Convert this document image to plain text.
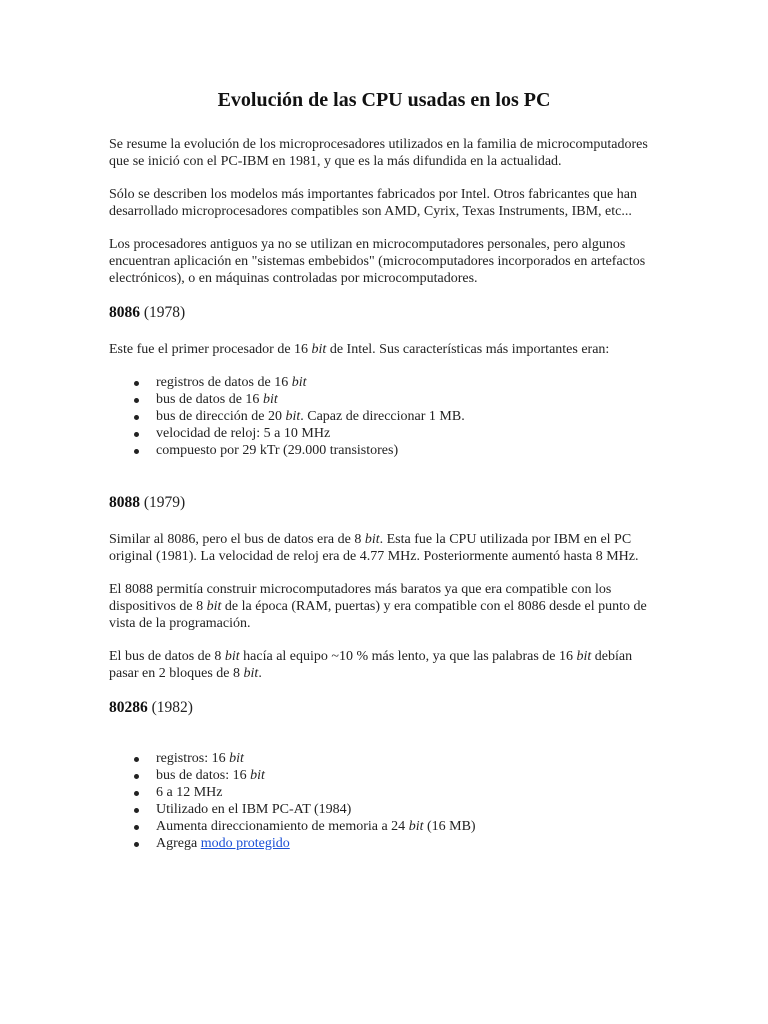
Evolución de las CPU usadas en los PC

Se resume la evolución de los microprocesadores utilizados en la familia de microcomputadores que se inició con el PC-IBM en 1981, y que es la más difundida en la actualidad.

Sólo se describen los modelos más importantes fabricados por Intel. Otros fabricantes que han desarrollado microprocesadores compatibles son AMD, Cyrix, Texas Instruments, IBM, etc...

Los procesadores antiguos ya no se utilizan en microcomputadores personales, pero algunos encuentran aplicación en "sistemas embebidos" (microcomputadores incorporados en artefactos electrónicos), o en máquinas controladas por microcomputadores.

8086 (1978)

Este fue el primer procesador de 16 bit de Intel. Sus características más importantes eran:

registros de datos de 16 bit
bus de datos de 16 bit
bus de dirección de 20 bit. Capaz de direccionar 1 MB.
velocidad de reloj: 5 a 10 MHz
compuesto por 29 kTr (29.000 transistores)
8088 (1979)

Similar al 8086, pero el bus de datos era de 8 bit. Esta fue la CPU utilizada por IBM en el PC original (1981). La velocidad de reloj era de 4.77 MHz. Posteriormente aumentó hasta 8 MHz.

El 8088 permitía construir microcomputadores más baratos ya que era compatible con los dispositivos de 8 bit de la época (RAM, puertas) y era compatible con el 8086 desde el punto de vista de la programación.

El bus de datos de 8 bit hacía al equipo ~10 % más lento, ya que las palabras de 16 bit debían pasar en 2 bloques de 8 bit.

80286 (1982)
registros: 16 bit
bus de datos: 16 bit
6 a 12 MHz
Utilizado en el IBM PC-AT (1984)
Aumenta direccionamiento de memoria a 24 bit (16 MB)
Agrega modo protegido
